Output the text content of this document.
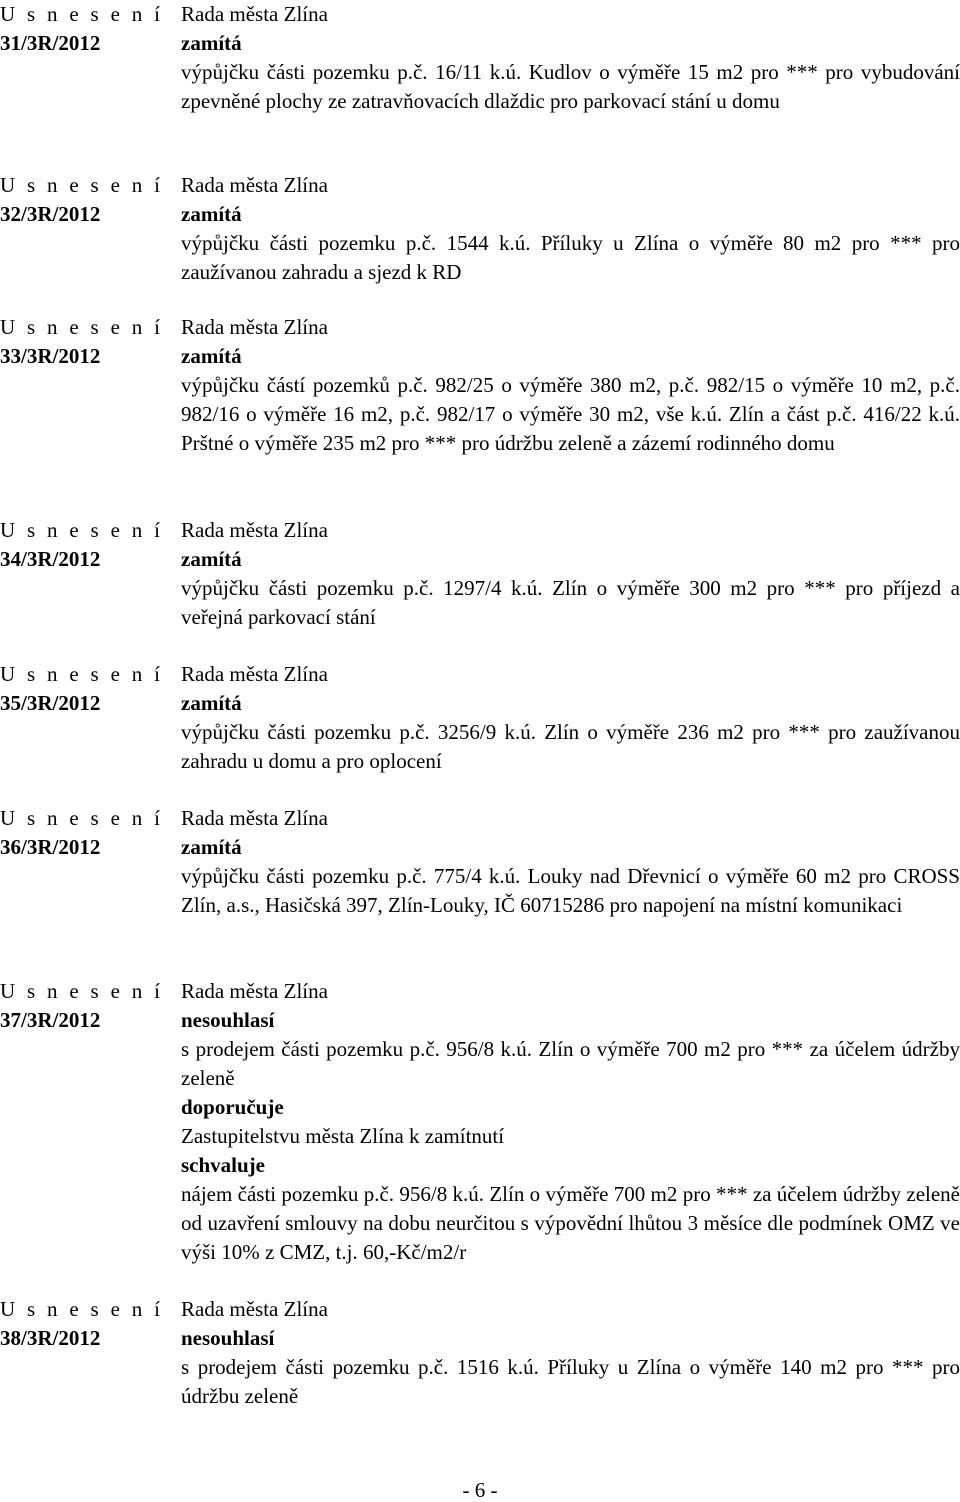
U s n e s e n í
31/3R/2012
Rada města Zlína
zamítá
výpůjčku části pozemku p.č. 16/11 k.ú. Kudlov o výměře 15 m2 pro *** pro vybudování zpevněné plochy ze zatravňovacích dlaždic pro parkovací stání u domu
U s n e s e n í
32/3R/2012
Rada města Zlína
zamítá
výpůjčku části pozemku p.č. 1544 k.ú. Příluky u Zlína o výměře 80 m2 pro *** pro zaužívanou zahradu a sjezd k RD
U s n e s e n í
33/3R/2012
Rada města Zlína
zamítá
výpůjčku částí pozemků p.č. 982/25 o výměře 380 m2, p.č. 982/15 o výměře 10 m2, p.č. 982/16 o výměře 16 m2, p.č. 982/17 o výměře 30 m2, vše k.ú. Zlín a část p.č. 416/22 k.ú. Prštné o výměře 235 m2 pro *** pro údržbu zeleně a zázemí rodinného domu
U s n e s e n í
34/3R/2012
Rada města Zlína
zamítá
výpůjčku části pozemku p.č. 1297/4 k.ú. Zlín o výměře 300 m2 pro *** pro příjezd a veřejná parkovací stání
U s n e s e n í
35/3R/2012
Rada města Zlína
zamítá
výpůjčku části pozemku p.č. 3256/9 k.ú. Zlín o výměře 236 m2 pro *** pro zaužívanou zahradu u domu a pro oplocení
U s n e s e n í
36/3R/2012
Rada města Zlína
zamítá
výpůjčku části pozemku p.č. 775/4 k.ú. Louky nad Dřevnicí o výměře 60 m2 pro CROSS Zlín, a.s., Hasičská 397, Zlín-Louky, IČ 60715286 pro napojení na místní komunikaci
U s n e s e n í
37/3R/2012
Rada města Zlína
nesouhlasí
s prodejem části pozemku p.č. 956/8 k.ú. Zlín o výměře 700 m2 pro *** za účelem údržby zeleně
doporučuje
Zastupitelstvu města Zlína k zamítnutí
schvaluje
nájem části pozemku p.č. 956/8 k.ú. Zlín o výměře 700 m2 pro *** za účelem údržby zeleně od uzavření smlouvy na dobu neurčitou s výpovědní lhůtou 3 měsíce dle podmínek OMZ ve výši 10% z CMZ, t.j. 60,-Kč/m2/r
U s n e s e n í
38/3R/2012
Rada města Zlína
nesouhlasí
s prodejem části pozemku p.č. 1516 k.ú. Příluky u Zlína o výměře 140 m2 pro *** pro údržbu zeleně
- 6 -
